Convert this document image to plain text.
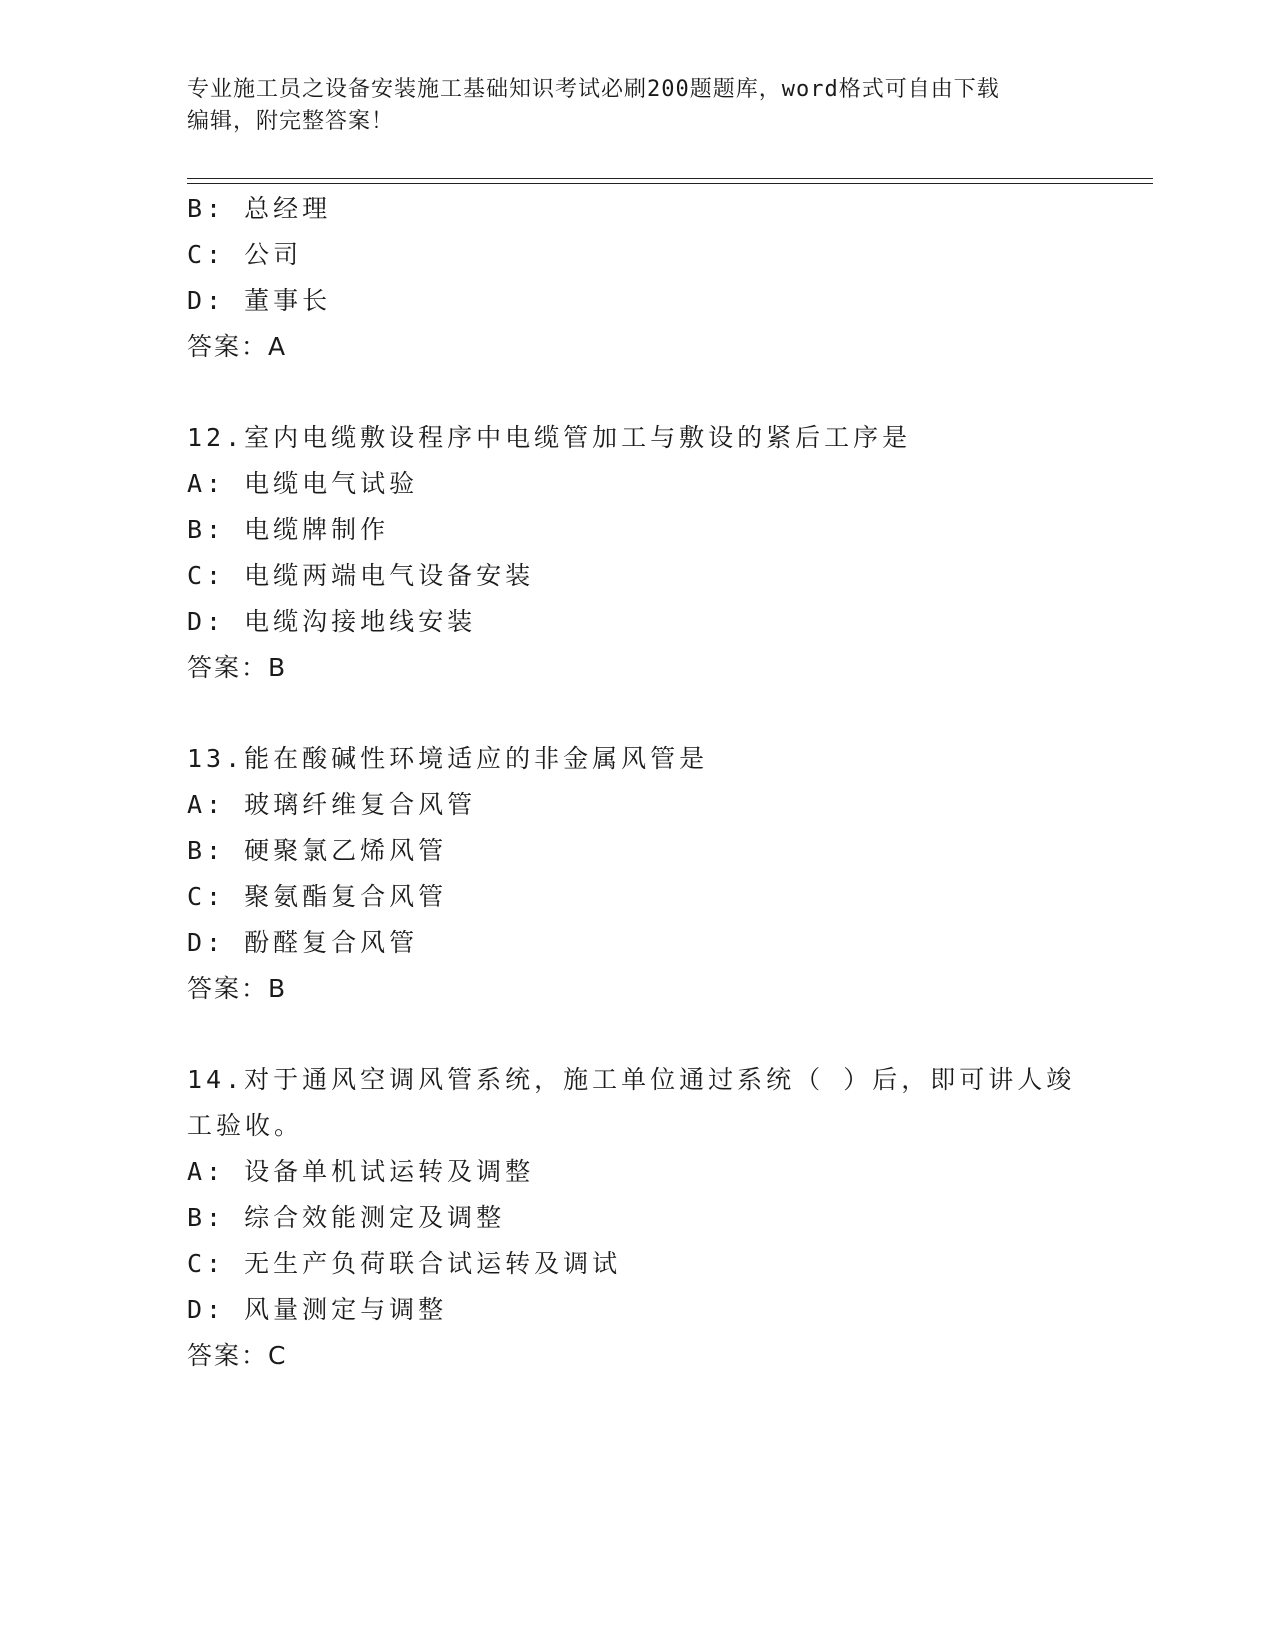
专业施工员之设备安装施工基础知识考试必刷200题题库，word格式可自由下载
编辑，附完整答案！
B: 总经理
C: 公司
D: 董事长
答案：A
12.室内电缆敷设程序中电缆管加工与敷设的紧后工序是
A: 电缆电气试验
B: 电缆牌制作
C: 电缆两端电气设备安装
D: 电缆沟接地线安装
答案：B
13.能在酸碱性环境适应的非金属风管是
A: 玻璃纤维复合风管
B: 硬聚氯乙烯风管
C: 聚氨酯复合风管
D: 酚醛复合风管
答案：B
14.对于通风空调风管系统，施工单位通过系统（ ）后，即可讲人竣
工验收。
A: 设备单机试运转及调整
B: 综合效能测定及调整
C: 无生产负荷联合试运转及调试
D: 风量测定与调整
答案：C
